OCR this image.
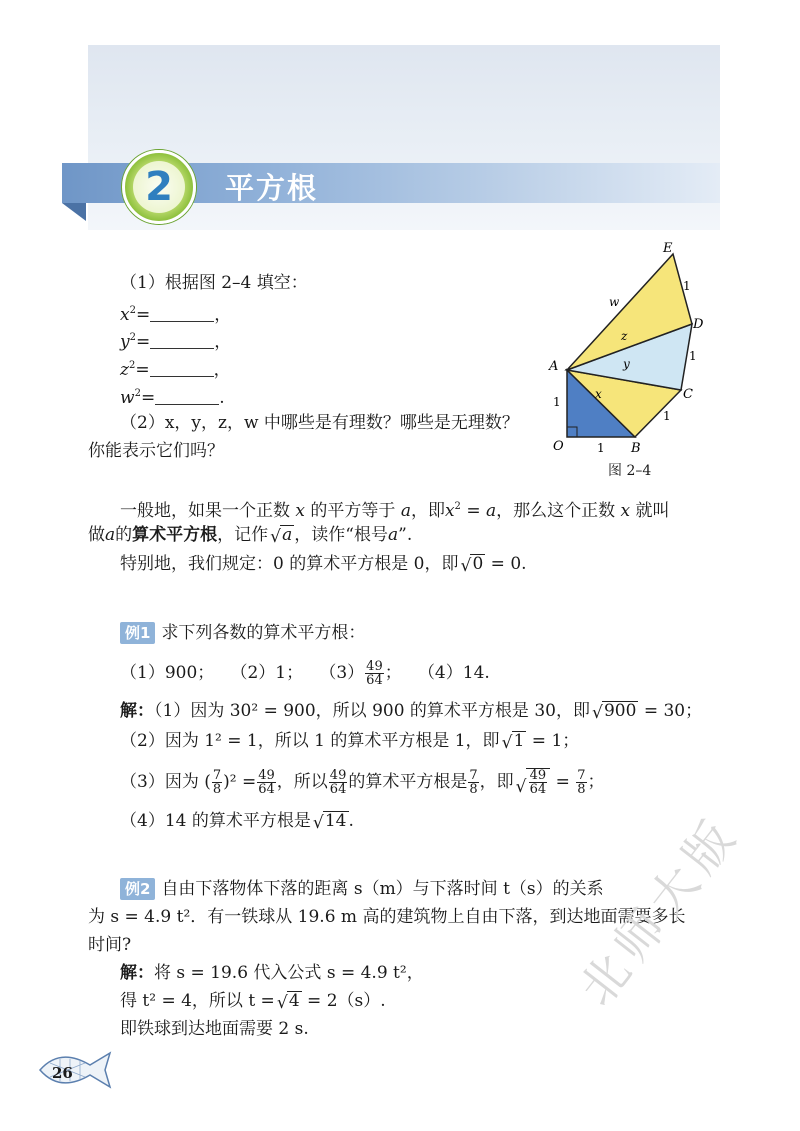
2	平方根
（1）根据图 2–4 填空：
$x^2=$	，
$y^2=$	，
$z^2=$	，
$w^2=$	.
（2）x，y，z，w 中哪些是有理数？哪些是无理数？
你能表示它们吗？	O
A
B
C
D
E
x
y
z
w
1
1
1
1
1
图 2–4
一般地，如果一个正数 x 的平方等于 a，即$x^2 = a$，那么这个正数 x 就叫
做a的算术平方根，记作 √ a ，读作“根号a”.
特别地，我们规定：0 的算术平方根是 0，即 √ 0 = 0.
例1 求下列各数的算术平方根：
（1）900； （2）1； $(3) \frac{49}{64}$ ； （4）14.
解：（1）因为 30² = 900，所以 900 的算术平方根是 30，即 √ 900 = 30；
（2）因为 1² = 1，所以 1 的算术平方根是 1，即 √ 1 = 1；
（3）因为 ( $\frac{7}{8} )^2 = \frac{49}{64}$ ，所以 $\frac{49}{64}$ 的算术平方根是 $\frac{7}{8}$ ，即 √ $\frac{49}{64} = \frac{7}{8}$ ；
（4）14 的算术平方根是 √ 14 .
例2 自由下落物体下落的距离 s（m）与下落时间 t（s）的关系
为 s = 4.9 t²．有一铁球从 19.6 m 高的建筑物上自由下落，到达地面需要多长
时间?
解：将 s = 19.6 代入公式 s = 4.9 t²，
得 t² = 4，所以 t = √ 4 = 2（s）.
即铁球到达地面需要 2 s.
26
北师大版
